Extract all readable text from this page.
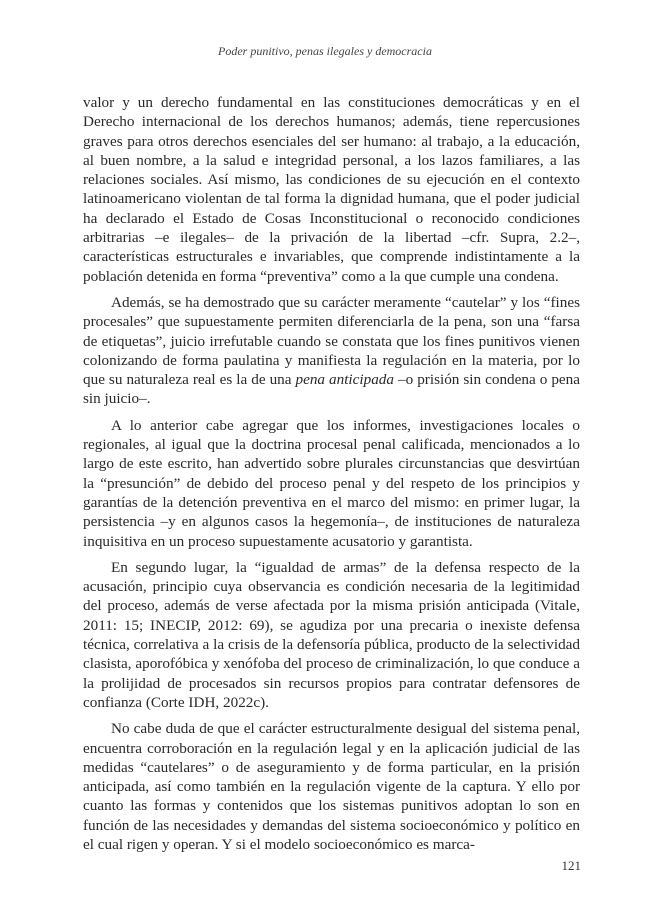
Poder punitivo, penas ilegales y democracia

valor y un derecho fundamental en las constituciones democráticas y en el Derecho internacional de los derechos humanos; además, tiene repercusiones graves para otros derechos esenciales del ser humano: al trabajo, a la educación, al buen nombre, a la salud e integridad personal, a los lazos familiares, a las relaciones sociales. Así mismo, las condiciones de su ejecución en el contexto latinoamericano violentan de tal forma la dignidad humana, que el poder judicial ha declarado el Estado de Cosas Inconstitucional o reconocido condiciones arbitrarias –e ilegales– de la privación de la libertad –cfr. Supra, 2.2–, características estructurales e invariables, que comprende indistintamente a la población detenida en forma “preventiva” como a la que cumple una condena.

Además, se ha demostrado que su carácter meramente “cautelar” y los “fines procesales” que supuestamente permiten diferenciarla de la pena, son una “farsa de etiquetas”, juicio irrefutable cuando se constata que los fines punitivos vienen colonizando de forma paulatina y manifiesta la regulación en la materia, por lo que su naturaleza real es la de una pena anticipada –o prisión sin condena o pena sin juicio–.

A lo anterior cabe agregar que los informes, investigaciones locales o regionales, al igual que la doctrina procesal penal calificada, mencionados a lo largo de este escrito, han advertido sobre plurales circunstancias que desvirtúan la “presunción” de debido del proceso penal y del respeto de los principios y garantías de la detención preventiva en el marco del mismo: en primer lugar, la persistencia –y en algunos casos la hegemonía–, de instituciones de naturaleza inquisitiva en un proceso supuestamente acusatorio y garantista.

En segundo lugar, la “igualdad de armas” de la defensa respecto de la acusación, principio cuya observancia es condición necesaria de la legitimidad del proceso, además de verse afectada por la misma prisión anticipada (Vitale, 2011: 15; INECIP, 2012: 69), se agudiza por una precaria o inexiste defensa técnica, correlativa a la crisis de la defensoría pública, producto de la selectividad clasista, aporofóbica y xenófoba del proceso de criminalización, lo que conduce a la prolijidad de procesados sin recursos propios para contratar defensores de confianza (Corte IDH, 2022c).

No cabe duda de que el carácter estructuralmente desigual del sistema penal, encuentra corroboración en la regulación legal y en la aplicación judicial de las medidas “cautelares” o de aseguramiento y de forma particular, en la prisión anticipada, así como también en la regulación vigente de la captura. Y ello por cuanto las formas y contenidos que los sistemas punitivos adoptan lo son en función de las necesidades y demandas del sistema socioeconómico y político en el cual rigen y operan. Y si el modelo socioeconómico es marca-

121
